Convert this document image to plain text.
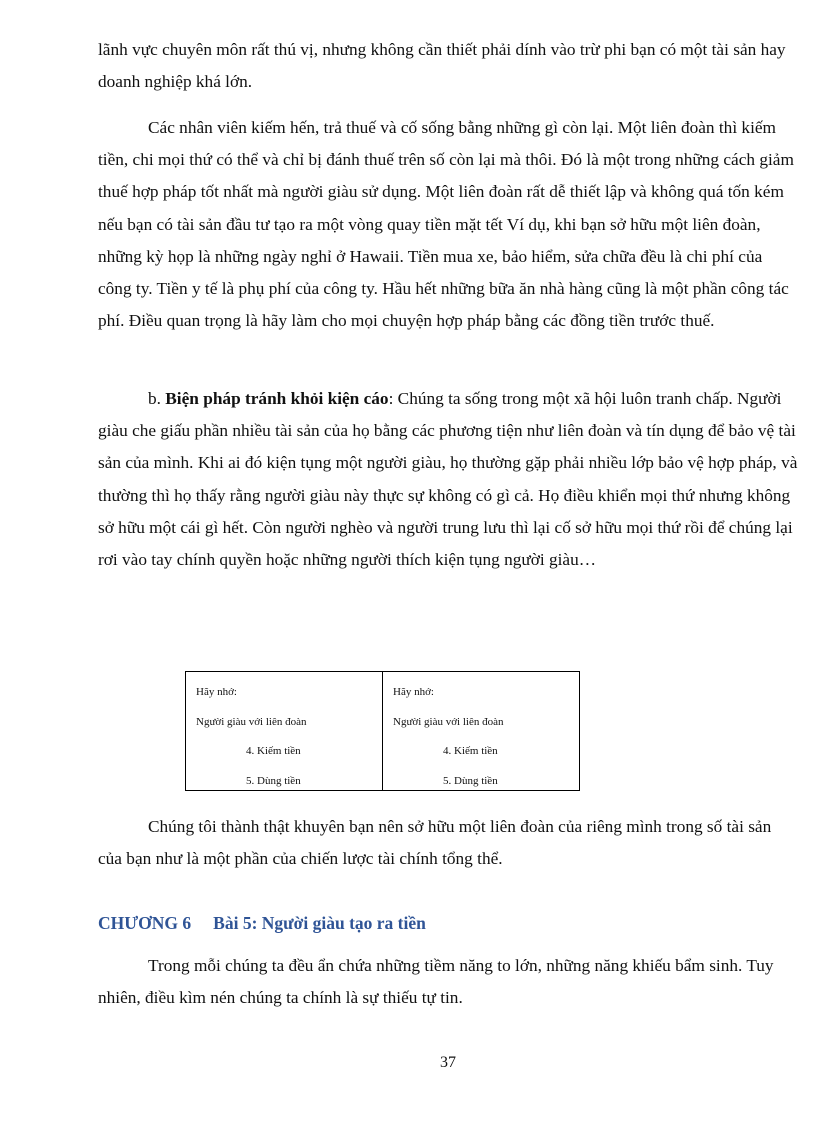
lãnh vực chuyên môn rất thú vị, nhưng không cần thiết phải dính vào trừ phi bạn có một tài sản hay doanh nghiệp khá lớn.

Các nhân viên kiếm hến, trả thuế và cố sống bằng những gì còn lại. Một liên đoàn thì kiếm tiền, chi mọi thứ có thể và chỉ bị đánh thuế trên số còn lại mà thôi. Đó là một trong những cách giảm thuế hợp pháp tốt nhất mà người giàu sử dụng. Một liên đoàn rất dễ thiết lập và không quá tốn kém nếu bạn có tài sản đầu tư tạo ra một vòng quay tiền mặt tết Ví dụ, khi bạn sở hữu một liên đoàn, những kỳ họp là những ngày nghỉ ở Hawaii. Tiền mua xe, bảo hiểm, sửa chữa đều là chi phí của công ty. Tiền y tế là phụ phí của công ty. Hầu hết những bữa ăn nhà hàng cũng là một phần công tác phí. Điều quan trọng là hãy làm cho mọi chuyện hợp pháp bằng các đồng tiền trước thuế.

b. Biện pháp tránh khỏi kiện cáo: Chúng ta sống trong một xã hội luôn tranh chấp. Người giàu che giấu phần nhiều tài sản của họ bằng các phương tiện như liên đoàn và tín dụng để bảo vệ tài sản của mình. Khi ai đó kiện tụng một người giàu, họ thường gặp phải nhiều lớp bảo vệ hợp pháp, và thường thì họ thấy rằng người giàu này thực sự không có gì cả. Họ điều khiển mọi thứ nhưng không sở hữu một cái gì hết. Còn người nghèo và người trung lưu thì lại cố sở hữu mọi thứ rồi để chúng lại rơi vào tay chính quyền hoặc những người thích kiện tụng người giàu…

Hãy nhớ:
Người giàu với liên đoàn
4. Kiếm tiền
5. Dùng tiền
Hãy nhớ:
Người giàu với liên đoàn
4. Kiếm tiền
5. Dùng tiền

Chúng tôi thành thật khuyên bạn nên sở hữu một liên đoàn của riêng mình trong số tài sản của bạn như là một phần của chiến lược tài chính tổng thể.

CHƯƠNG 6 Bài 5: Người giàu tạo ra tiền

Trong mỗi chúng ta đều ẩn chứa những tiềm năng to lớn, những năng khiếu bẩm sinh. Tuy nhiên, điều kìm nén chúng ta chính là sự thiếu tự tin.

37
